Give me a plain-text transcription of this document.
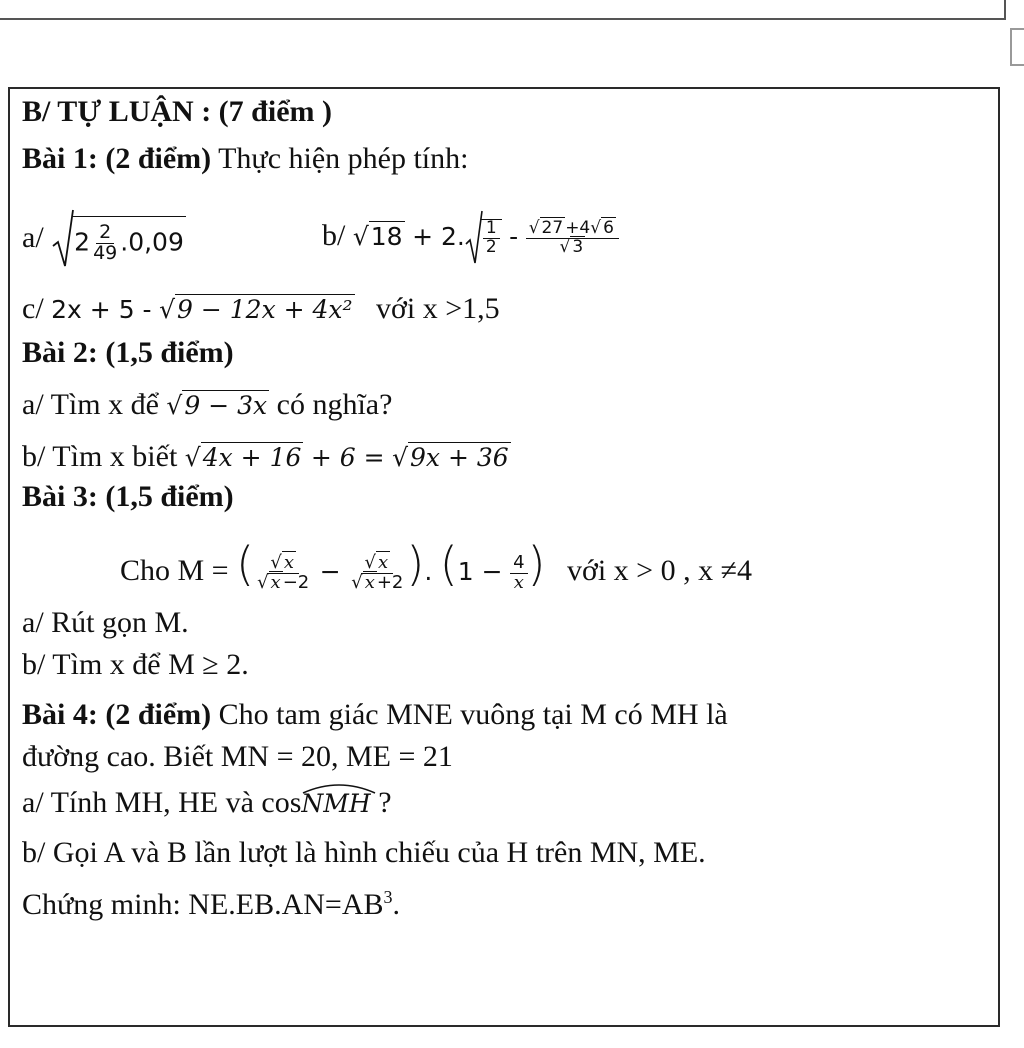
B/ TỰ LUẬN : (7 điểm )
Bài 1: (2 điểm) Thực hiện phép tính:
a/ $2 \frac{2}{49} .0,09$	b/ √18 + 2. $\frac{1}{2} - \frac{√ 27 +4√ 6}{√ 3}$
c/ 2x + 5 - √9 − 12x + 4x² với x >1,5
Bài 2: (1,5 điểm)
a/ Tìm x để √9 − 3x có nghĩa?
b/ Tìm x biết √4x + 16 + 6 = √9x + 36
Bài 3: (1,5 điểm)
Cho M = ( $\frac{√ x}{√ x -2} - \frac{√ x}{√ x +2}$ ). ($1 - \frac{4}{x}$ ) với x > 0 , x ≠4
a/ Rút gọn M.
b/ Tìm x để M ≥ 2.
Bài 4: (2 điểm) Cho tam giác MNE vuông tại M có MH là
đường cao. Biết MN = 20, ME = 21
a/ Tính MH, HE và cos
NMH ?
b/ Gọi A và B lần lượt là hình chiếu của H trên MN, ME.
Chứng minh: $NE.EB.AN=AB^3$.
